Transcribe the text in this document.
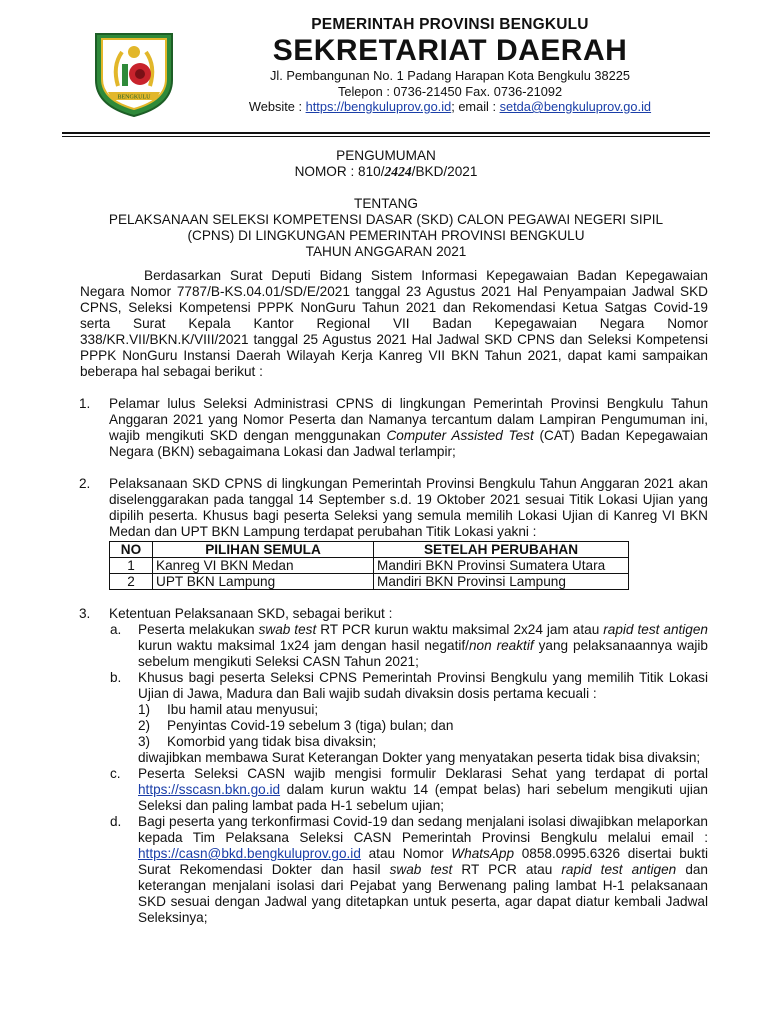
BENGKULU
PEMERINTAH PROVINSI BENGKULU
SEKRETARIAT DAERAH
Jl. Pembangunan No. 1 Padang Harapan Kota Bengkulu 38225
Telepon : 0736-21450 Fax. 0736-21092
Website : https://bengkuluprov.go.id; email : setda@bengkuluprov.go.id
PENGUMUMAN
NOMOR : 810/2424/BKD/2021
TENTANG
PELAKSANAAN SELEKSI KOMPETENSI DASAR (SKD) CALON PEGAWAI NEGERI SIPIL
(CPNS) DI LINGKUNGAN PEMERINTAH PROVINSI BENGKULU
TAHUN ANGGARAN 2021
Berdasarkan Surat Deputi Bidang Sistem Informasi Kepegawaian Badan Kepegawaian Negara Nomor 7787/B-KS.04.01/SD/E/2021 tanggal 23 Agustus 2021 Hal Penyampaian Jadwal SKD CPNS, Seleksi Kompetensi PPPK NonGuru Tahun 2021 dan Rekomendasi Ketua Satgas Covid-19 serta Surat Kepala Kantor Regional VII Badan Kepegawaian Negara Nomor 338/KR.VII/BKN.K/VIII/2021 tanggal 25 Agustus 2021 Hal Jadwal SKD CPNS dan Seleksi Kompetensi PPPK NonGuru Instansi Daerah Wilayah Kerja Kanreg VII BKN Tahun 2021, dapat kami sampaikan beberapa hal sebagai berikut :
1. Pelamar lulus Seleksi Administrasi CPNS di lingkungan Pemerintah Provinsi Bengkulu Tahun Anggaran 2021 yang Nomor Peserta dan Namanya tercantum dalam Lampiran Pengumuman ini, wajib mengikuti SKD dengan menggunakan Computer Assisted Test (CAT) Badan Kepegawaian Negara (BKN) sebagaimana Lokasi dan Jadwal terlampir;
2. Pelaksanaan SKD CPNS di lingkungan Pemerintah Provinsi Bengkulu Tahun Anggaran 2021 akan diselenggarakan pada tanggal 14 September s.d. 19 Oktober 2021 sesuai Titik Lokasi Ujian yang dipilih peserta. Khusus bagi peserta Seleksi yang semula memilih Lokasi Ujian di Kanreg VI BKN Medan dan UPT BKN Lampung terdapat perubahan Titik Lokasi yakni :
NO	PILIHAN SEMULA	SETELAH PERUBAHAN
1	Kanreg VI BKN Medan	Mandiri BKN Provinsi Sumatera Utara
2	UPT BKN Lampung	Mandiri BKN Provinsi Lampung
3. Ketentuan Pelaksanaan SKD, sebagai berikut :
a. Peserta melakukan swab test RT PCR kurun waktu maksimal 2x24 jam atau rapid test antigen kurun waktu maksimal 1x24 jam dengan hasil negatif/non reaktif yang pelaksanaannya wajib sebelum mengikuti Seleksi CASN Tahun 2021;
b. Khusus bagi peserta Seleksi CPNS Pemerintah Provinsi Bengkulu yang memilih Titik Lokasi Ujian di Jawa, Madura dan Bali wajib sudah divaksin dosis pertama kecuali :
1) Ibu hamil atau menyusui;
2) Penyintas Covid-19 sebelum 3 (tiga) bulan; dan
3) Komorbid yang tidak bisa divaksin;
diwajibkan membawa Surat Keterangan Dokter yang menyatakan peserta tidak bisa divaksin;
c. Peserta Seleksi CASN wajib mengisi formulir Deklarasi Sehat yang terdapat di portal https://sscasn.bkn.go.id dalam kurun waktu 14 (empat belas) hari sebelum mengikuti ujian Seleksi dan paling lambat pada H-1 sebelum ujian;
d. Bagi peserta yang terkonfirmasi Covid-19 dan sedang menjalani isolasi diwajibkan melaporkan kepada Tim Pelaksana Seleksi CASN Pemerintah Provinsi Bengkulu melalui email : https://casn@bkd.bengkuluprov.go.id atau Nomor WhatsApp 0858.0995.6326 disertai bukti Surat Rekomendasi Dokter dan hasil swab test RT PCR atau rapid test antigen dan keterangan menjalani isolasi dari Pejabat yang Berwenang paling lambat H-1 pelaksanaan SKD sesuai dengan Jadwal yang ditetapkan untuk peserta, agar dapat diatur kembali Jadwal Seleksinya;
